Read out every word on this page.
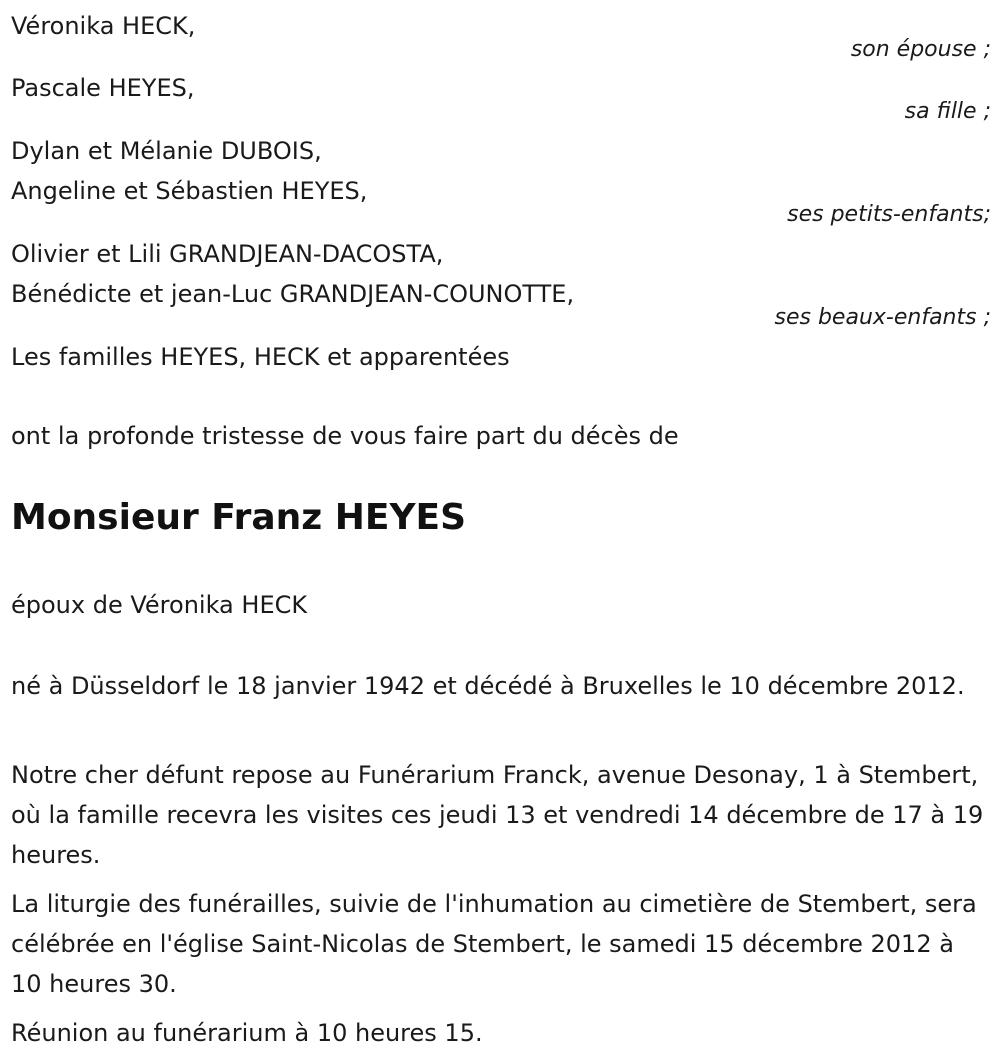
Véronika HECK,
son épouse ;
Pascale HEYES,
sa fille ;
Dylan et Mélanie DUBOIS,
Angeline et Sébastien HEYES,
ses petits-enfants;
Olivier et Lili GRANDJEAN-DACOSTA,
Bénédicte et jean-Luc GRANDJEAN-COUNOTTE,
ses beaux-enfants ;
Les familles HEYES, HECK et apparentées
ont la profonde tristesse de vous faire part du décès de
Monsieur Franz HEYES
époux de Véronika HECK
né à Düsseldorf le 18 janvier 1942 et décédé à Bruxelles le 10 décembre 2012.
Notre cher défunt repose au Funérarium Franck, avenue Desonay, 1 à Stembert, où la famille recevra les visites ces jeudi 13 et vendredi 14 décembre de 17 à 19 heures.
La liturgie des funérailles, suivie de l'inhumation au cimetière de Stembert, sera célébrée en l'église Saint-Nicolas de Stembert, le samedi 15 décembre 2012 à 10 heures 30.
Réunion au funérarium à 10 heures 15.
